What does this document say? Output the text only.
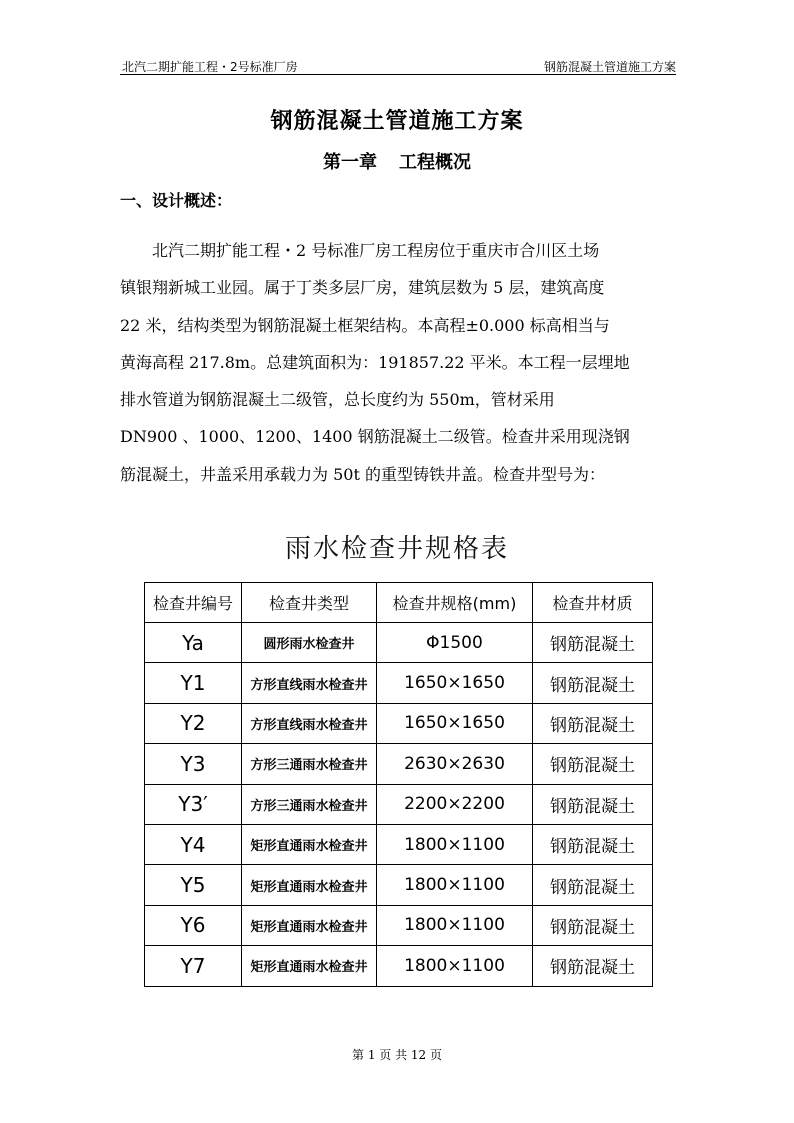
北汽二期扩能工程・2号标准厂房	钢筋混凝土管道施工方案
钢筋混凝土管道施工方案
第一章 工程概况
一、设计概述：
北汽二期扩能工程・2 号标准厂房工程房位于重庆市合川区土场
镇银翔新城工业园。属于丁类多层厂房，建筑层数为 5 层，建筑高度
22 米，结构类型为钢筋混凝土框架结构。本高程±0.000 标高相当与
黄海高程 217.8m。总建筑面积为：191857.22 平米。本工程一层埋地
排水管道为钢筋混凝土二级管，总长度约为 550m，管材采用
DN900 、1000、1200、1400 钢筋混凝土二级管。检查井采用现浇钢
筋混凝土，井盖采用承载力为 50t 的重型铸铁井盖。检查井型号为：
雨水检查井规格表
检查井编号	检查井类型	检查井规格(mm)	检查井材质
Ya	圆形雨水检查井	Φ1500	钢筋混凝土
Y1	方形直线雨水检查井	1650×1650	钢筋混凝土
Y2	方形直线雨水检查井	1650×1650	钢筋混凝土
Y3	方形三通雨水检查井	2630×2630	钢筋混凝土
Y3′	方形三通雨水检查井	2200×2200	钢筋混凝土
Y4	矩形直通雨水检查井	1800×1100	钢筋混凝土
Y5	矩形直通雨水检查井	1800×1100	钢筋混凝土
Y6	矩形直通雨水检查井	1800×1100	钢筋混凝土
Y7	矩形直通雨水检查井	1800×1100	钢筋混凝土
第 1 页 共 12 页
